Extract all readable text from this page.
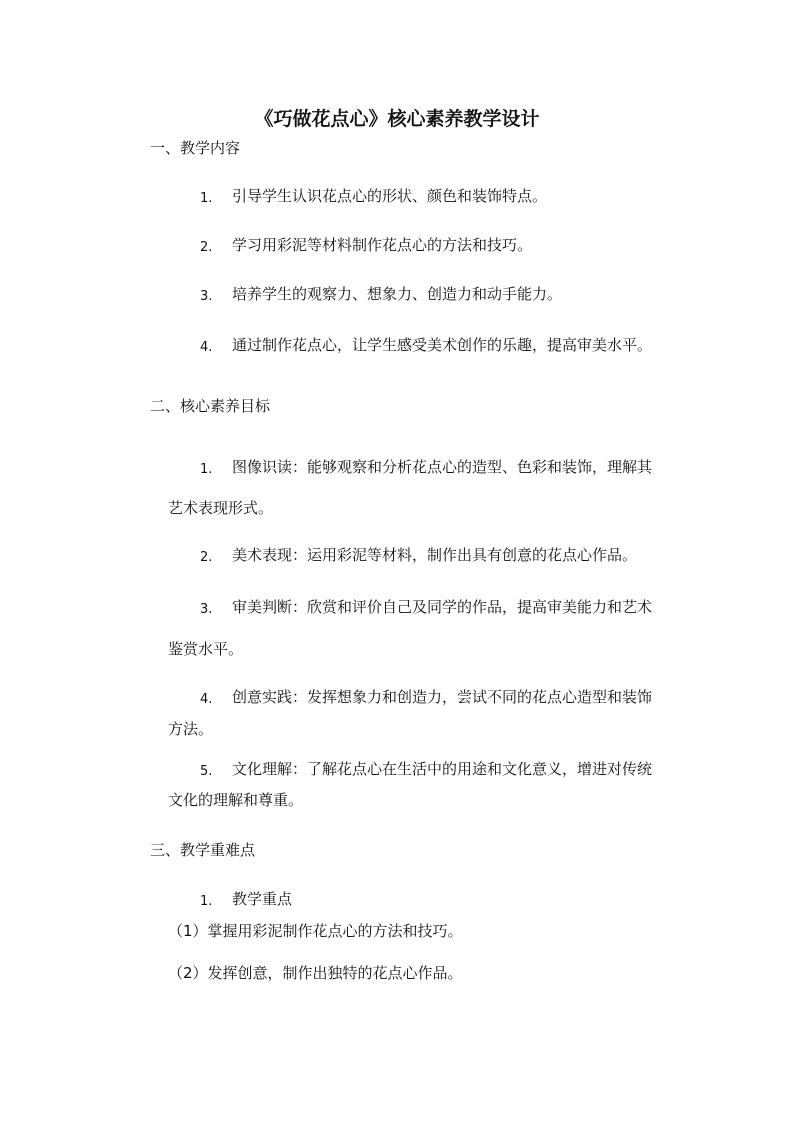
《巧做花点心》核心素养教学设计
一、教学内容
1. 引导学生认识花点心的形状、颜色和装饰特点。
2. 学习用彩泥等材料制作花点心的方法和技巧。
3. 培养学生的观察力、想象力、创造力和动手能力。
4. 通过制作花点心，让学生感受美术创作的乐趣，提高审美水平。
二、核心素养目标
1. 图像识读：能够观察和分析花点心的造型、色彩和装饰，理解其
艺术表现形式。
2. 美术表现：运用彩泥等材料，制作出具有创意的花点心作品。
3. 审美判断：欣赏和评价自己及同学的作品，提高审美能力和艺术
鉴赏水平。
4. 创意实践：发挥想象力和创造力，尝试不同的花点心造型和装饰
方法。
5. 文化理解：了解花点心在生活中的用途和文化意义，增进对传统
文化的理解和尊重。
三、教学重难点
1. 教学重点
（1）掌握用彩泥制作花点心的方法和技巧。
（2）发挥创意，制作出独特的花点心作品。
